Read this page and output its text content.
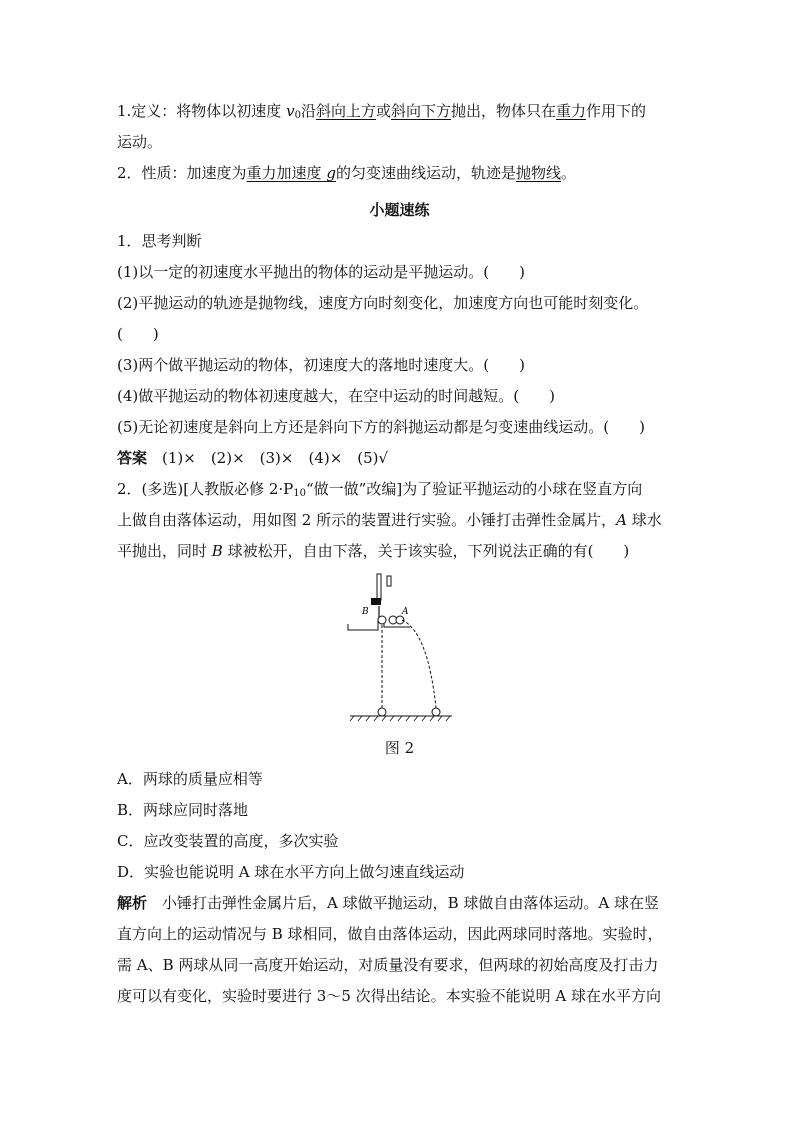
1.定义：将物体以初速度 $v_0$沿斜向上方或斜向下方抛出，物体只在重力作用下的
运动。
2．性质：加速度为重力加速度 g的匀变速曲线运动，轨迹是抛物线。
小题速练
1．思考判断
(1)以一定的初速度水平抛出的物体的运动是平抛运动。(　　)
(2)平抛运动的轨迹是抛物线，速度方向时刻变化，加速度方向也可能时刻变化。
(　　)
(3)两个做平抛运动的物体，初速度大的落地时速度大。(　　)
(4)做平抛运动的物体初速度越大，在空中运动的时间越短。(　　)
(5)无论初速度是斜向上方还是斜向下方的斜抛运动都是匀变速曲线运动。(　　)
答案　(1)×　(2)×　(3)×　(4)×　(5)√
2．(多选)[人教版必修 $2\cdot P_{10}“$做一做”改编]为了验证平抛运动的小球在竖直方向
上做自由落体运动，用如图 2 所示的装置进行实验。小锤打击弹性金属片，A 球水
平抛出，同时 B 球被松开，自由下落，关于该实验，下列说法正确的有(　　)
B	A
图 2
A．两球的质量应相等
B．两球应同时落地
C．应改变装置的高度，多次实验
D．实验也能说明 A 球在水平方向上做匀速直线运动
解析　小锤打击弹性金属片后，A 球做平抛运动，B 球做自由落体运动。A 球在竖
直方向上的运动情况与 B 球相同，做自由落体运动，因此两球同时落地。实验时，
需 A、B 两球从同一高度开始运动，对质量没有要求，但两球的初始高度及打击力
度可以有变化，实验时要进行 3～5 次得出结论。本实验不能说明 A 球在水平方向
